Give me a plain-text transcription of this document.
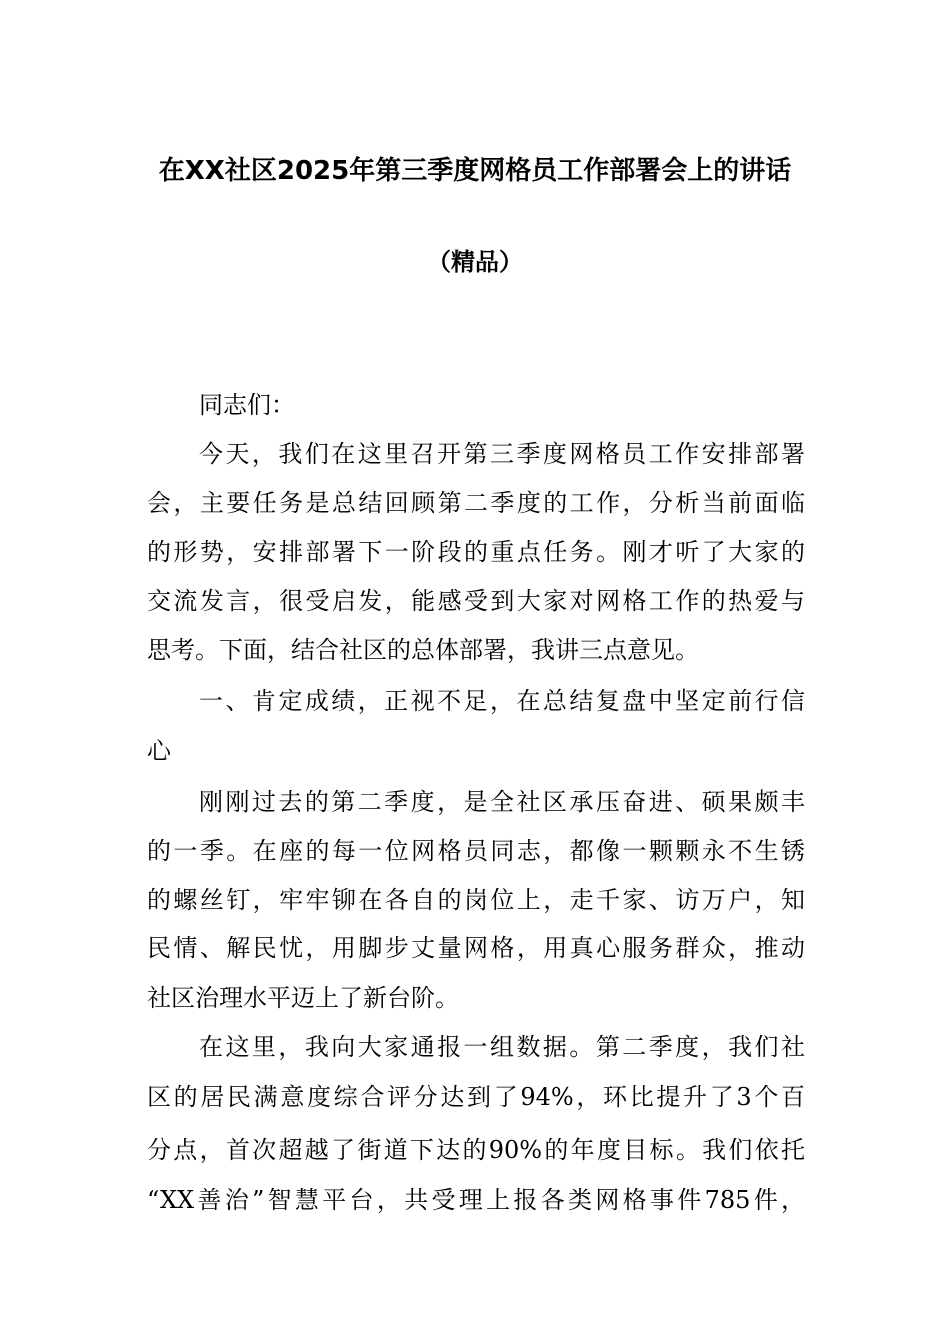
在XX社区2025年第三季度网格员工作部署会上的讲话
（精品）
同志们：
今天，我们在这里召开第三季度网格员工作安排部署
会，主要任务是总结回顾第二季度的工作，分析当前面临
的形势，安排部署下一阶段的重点任务。刚才听了大家的
交流发言，很受启发，能感受到大家对网格工作的热爱与
思考。下面，结合社区的总体部署，我讲三点意见。
一、肯定成绩，正视不足，在总结复盘中坚定前行信
心
刚刚过去的第二季度，是全社区承压奋进、硕果颇丰
的一季。在座的每一位网格员同志，都像一颗颗永不生锈
的螺丝钉，牢牢铆在各自的岗位上，走千家、访万户，知
民情、解民忧，用脚步丈量网格，用真心服务群众，推动
社区治理水平迈上了新台阶。
在这里，我向大家通报一组数据。第二季度，我们社
区的居民满意度综合评分达到了94%，环比提升了3个百
分点，首次超越了街道下达的90%的年度目标。我们依托
“XX善治”智慧平台，共受理上报各类网格事件785件，
